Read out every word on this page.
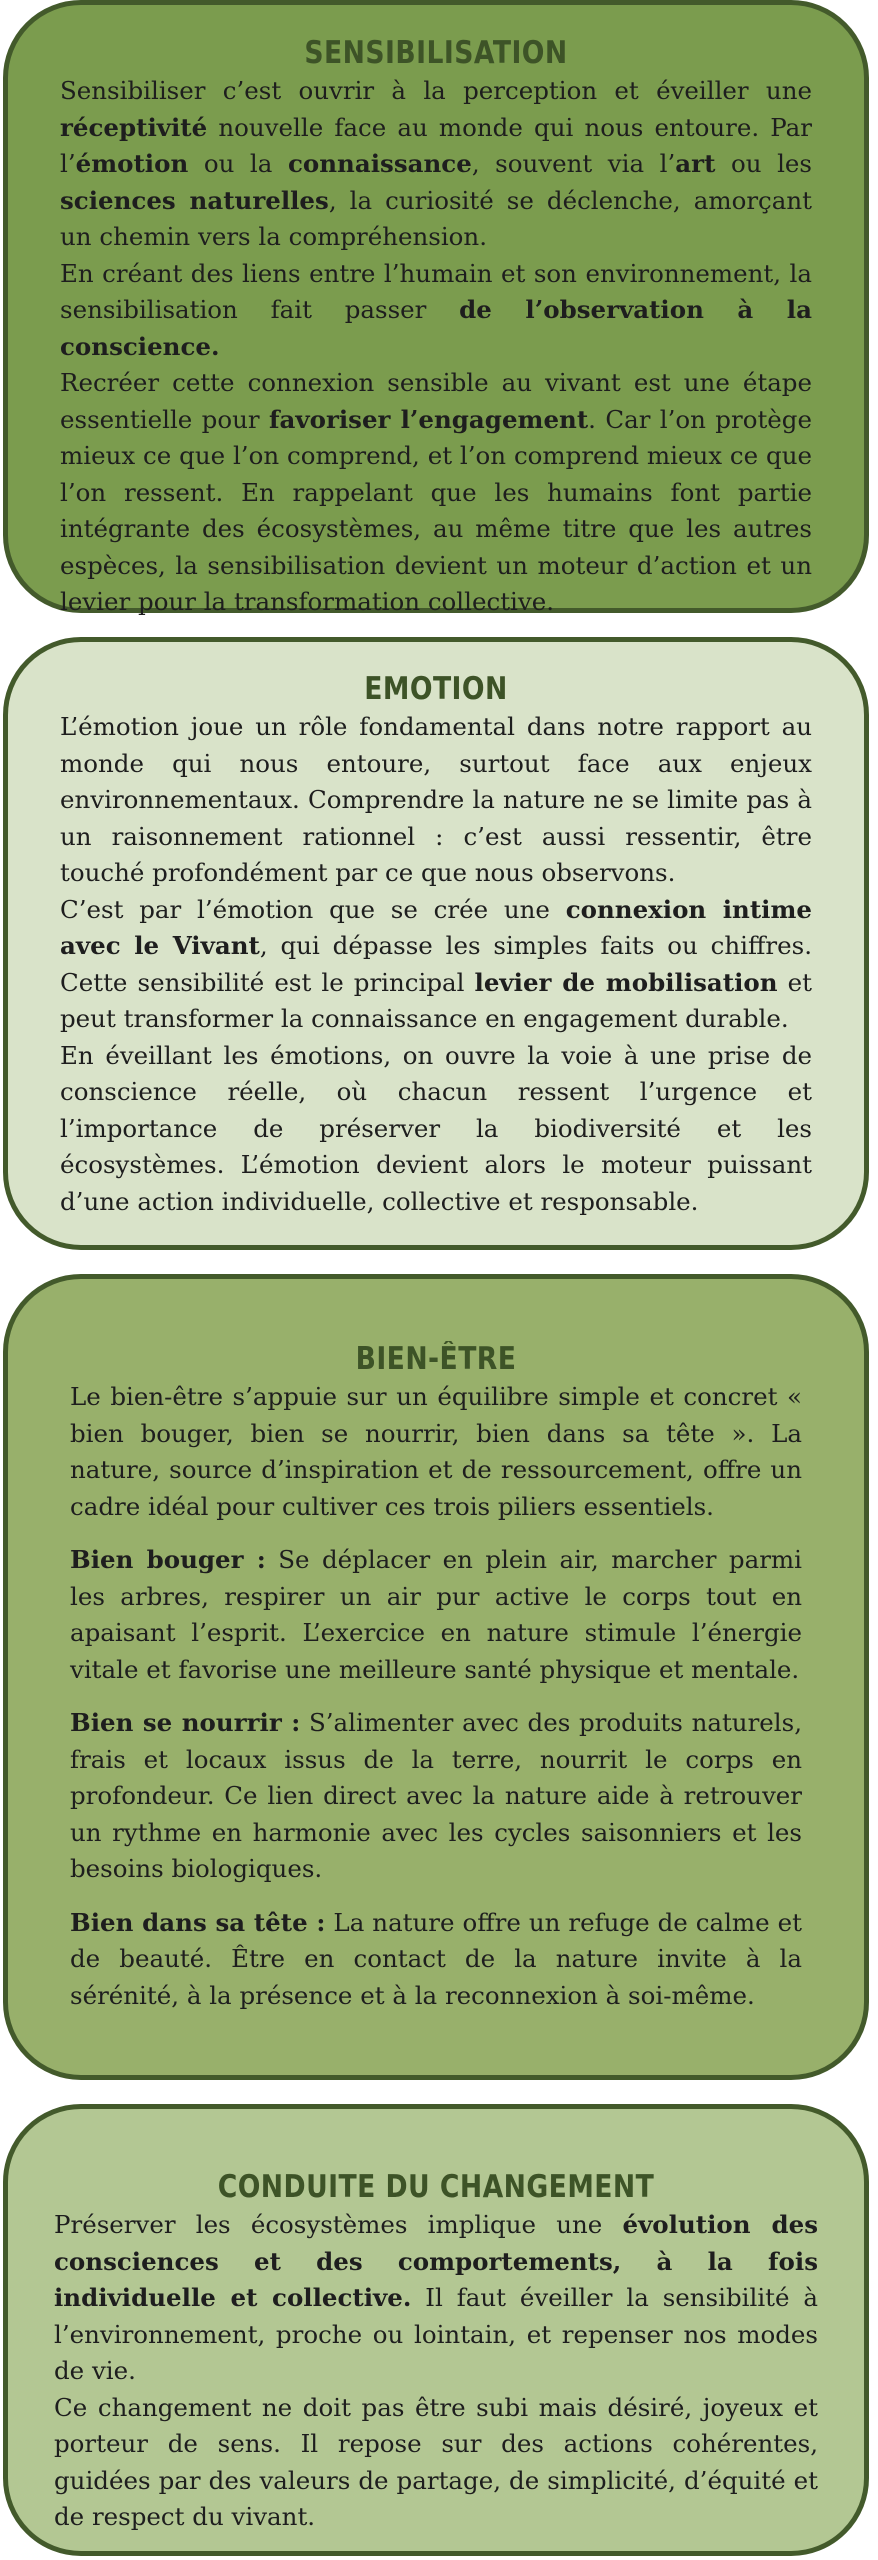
SENSIBILISATION

Sensibiliser c’est ouvrir à la perception et éveiller une réceptivité nouvelle face au monde qui nous entoure. Par l’émotion ou la connaissance, souvent via l’art ou les sciences naturelles, la curiosité se déclenche, amorçant un chemin vers la compréhension.

En créant des liens entre l’humain et son environnement, la sensibilisation fait passer de l’observation à la conscience.

Recréer cette connexion sensible au vivant est une étape essentielle pour favoriser l’engagement. Car l’on protège mieux ce que l’on comprend, et l’on comprend mieux ce que l’on ressent. En rappelant que les humains font partie intégrante des écosystèmes, au même titre que les autres espèces, la sensibilisation devient un moteur d’action et un levier pour la transformation collective.

EMOTION

L’émotion joue un rôle fondamental dans notre rapport au monde qui nous entoure, surtout face aux enjeux environnementaux. Comprendre la nature ne se limite pas à un raisonnement rationnel : c’est aussi ressentir, être touché profondément par ce que nous observons.

C’est par l’émotion que se crée une connexion intime avec le Vivant, qui dépasse les simples faits ou chiffres. Cette sensibilité est le principal levier de mobilisation et peut transformer la connaissance en engagement durable.

En éveillant les émotions, on ouvre la voie à une prise de conscience réelle, où chacun ressent l’urgence et l’importance de préserver la biodiversité et les écosystèmes. L’émotion devient alors le moteur puissant d’une action individuelle, collective et responsable.

BIEN-ÊTRE

Le bien-être s’appuie sur un équilibre simple et concret « bien bouger, bien se nourrir, bien dans sa tête ». La nature, source d’inspiration et de ressourcement, offre un cadre idéal pour cultiver ces trois piliers essentiels.

Bien bouger : Se déplacer en plein air, marcher parmi les arbres, respirer un air pur active le corps tout en apaisant l’esprit. L’exercice en nature stimule l’énergie vitale et favorise une meilleure santé physique et mentale.

Bien se nourrir : S’alimenter avec des produits naturels, frais et locaux issus de la terre, nourrit le corps en profondeur. Ce lien direct avec la nature aide à retrouver un rythme en harmonie avec les cycles saisonniers et les besoins biologiques.

Bien dans sa tête : La nature offre un refuge de calme et de beauté. Être en contact de la nature invite à la sérénité, à la présence et à la reconnexion à soi-même.

CONDUITE DU CHANGEMENT

Préserver les écosystèmes implique une évolution des consciences et des comportements, à la fois individuelle et collective. Il faut éveiller la sensibilité à l’environnement, proche ou lointain, et repenser nos modes de vie.

Ce changement ne doit pas être subi mais désiré, joyeux et porteur de sens. Il repose sur des actions cohérentes, guidées par des valeurs de partage, de simplicité, d’équité et de respect du vivant.
